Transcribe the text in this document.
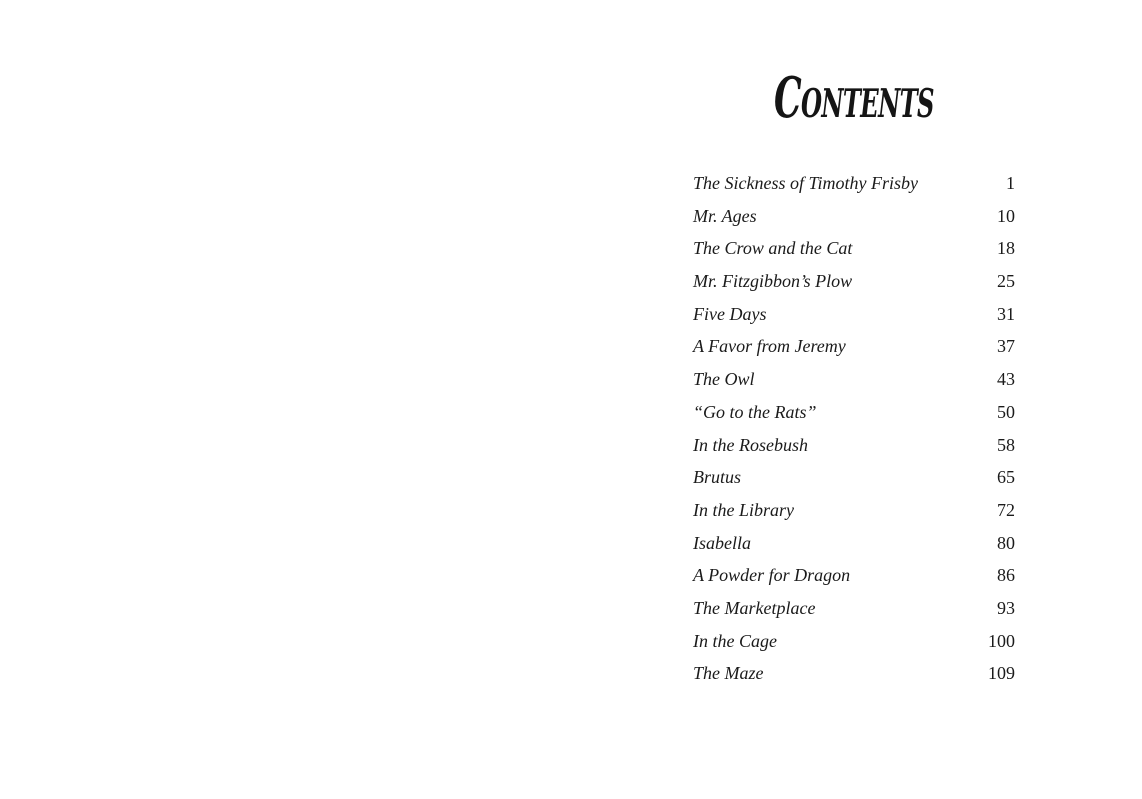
Contents
The Sickness of Timothy Frisby	1
Mr. Ages	10
The Crow and the Cat	18
Mr. Fitzgibbon’s Plow	25
Five Days	31
A Favor from Jeremy	37
The Owl	43
“Go to the Rats”	50
In the Rosebush	58
Brutus	65
In the Library	72
Isabella	80
A Powder for Dragon	86
The Marketplace	93
In the Cage	100
The Maze	109
